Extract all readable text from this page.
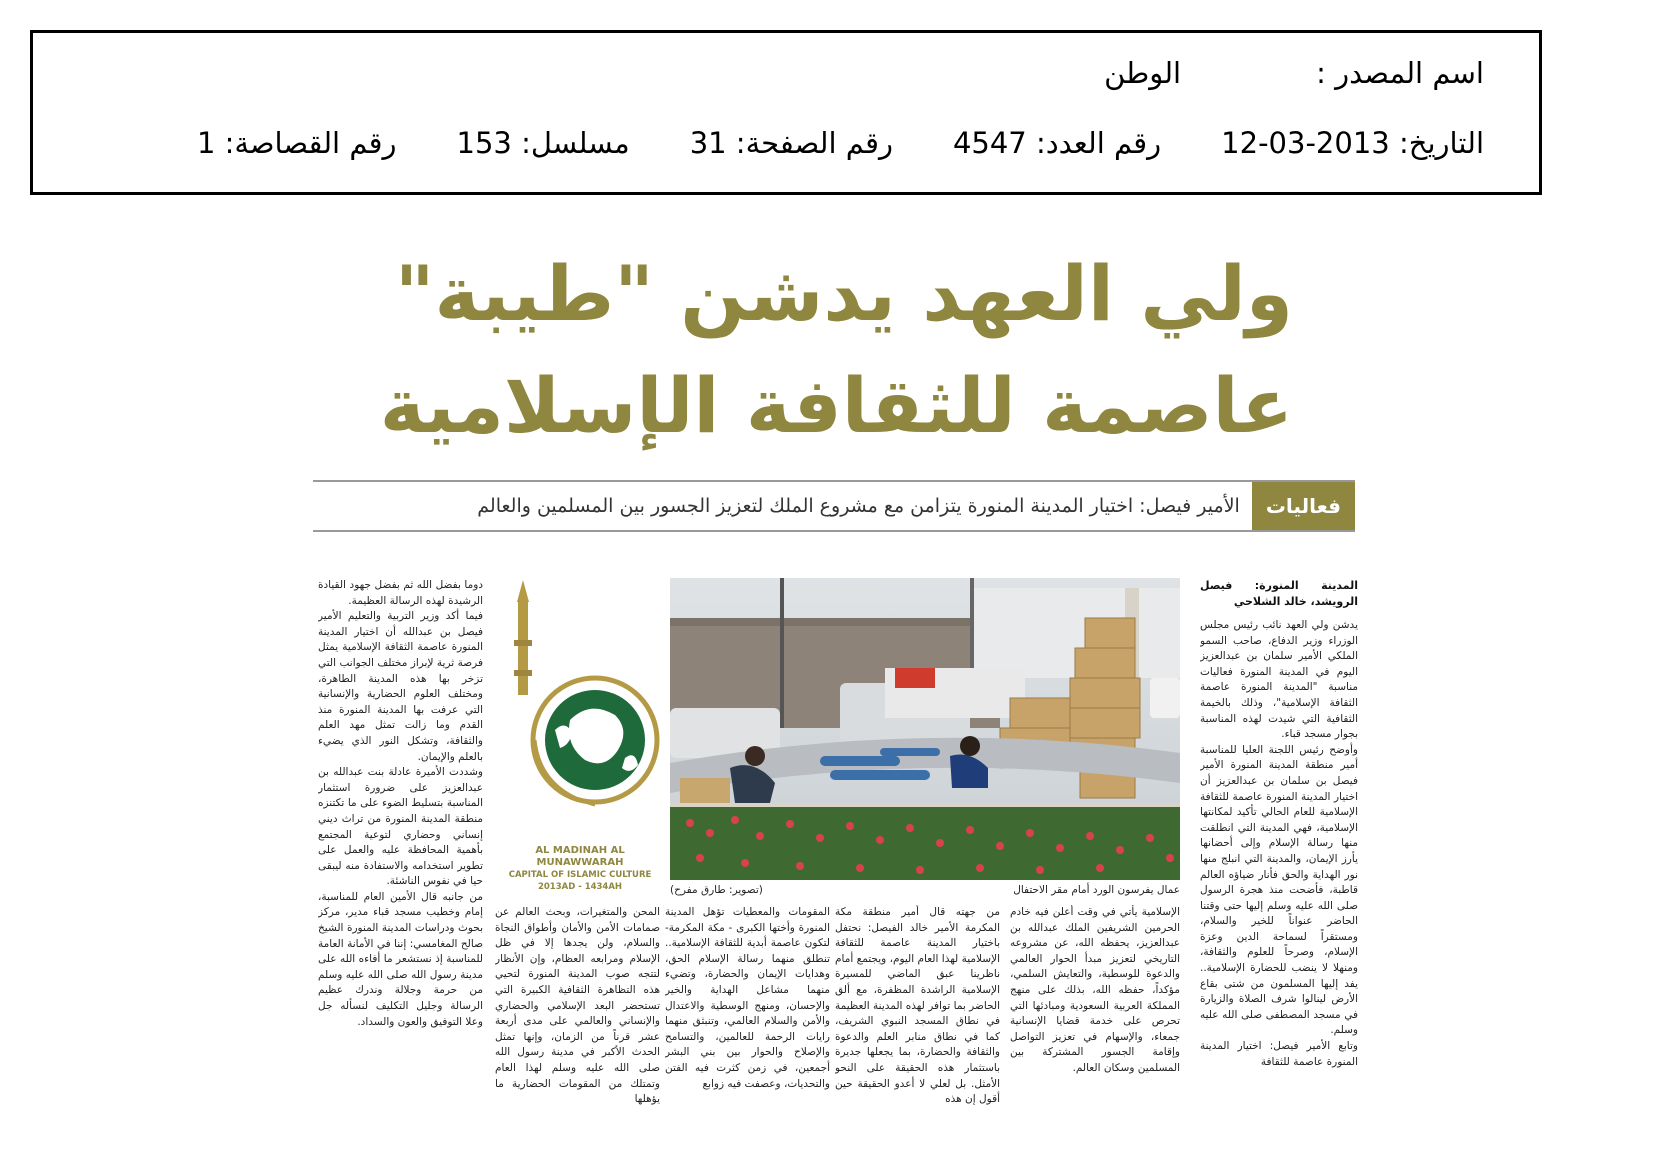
اسم المصدر :
الوطن
التاريخ: 2013-03-12
رقم العدد: 4547
رقم الصفحة: 31
مسلسل: 153
رقم القصاصة: 1
ولي العهد يدشن "طيبة"
عاصمة للثقافة الإسلامية
فعاليات
الأمير فيصل: اختيار المدينة المنورة يتزامن مع مشروع الملك لتعزيز الجسور بين المسلمين والعالم

المدينة المنورة: فيصل الرويشد، خالد الشلاحي

يدشن ولي العهد نائب رئيس مجلس الوزراء وزير الدفاع، صاحب السمو الملكي الأمير سلمان بن عبدالعزيز اليوم في المدينة المنورة فعاليات مناسبة "المدينة المنورة عاصمة الثقافة الإسلامية"، وذلك بالخيمة الثقافية التي شيدت لهذه المناسبة بجوار مسجد قباء.

وأوضح رئيس اللجنة العليا للمناسبة أمير منطقة المدينة المنورة الأمير فيصل بن سلمان بن عبدالعزيز أن اختيار المدينة المنورة عاصمة للثقافة الإسلامية للعام الحالي تأكيد لمكانتها الإسلامية، فهي المدينة التي انطلقت منها رسالة الإسلام وإلى أحضانها يأرز الإيمان، والمدينة التي انبلج منها نور الهداية والحق فأنار ضياؤه العالم قاطبة، فأضحت منذ هجرة الرسول صلى الله عليه وسلم إليها حتى وقتنا الحاضر عنواناً للخير والسلام، ومستقراً لسماحة الدين وعزة الإسلام، وصرحاً للعلوم والثقافة، ومنهلا لا ينضب للحضارة الإسلامية.. يفد إليها المسلمون من شتى بقاع الأرض لينالوا شرف الصلاة والزيارة في مسجد المصطفى صلى الله عليه وسلم.

وتابع الأمير فيصل: اختيار المدينة المنورة عاصمة للثقافة

عمال يفرسون الورد أمام مقر الاحتفال
(تصوير: طارق مفرح)
AL MADINAH AL MUNAWWARAH
CAPITAL OF ISLAMIC CULTURE
2013AD - 1434AH

الإسلامية يأتي في وقت أعلن فيه خادم الحرمين الشريفين الملك عبدالله بن عبدالعزيز، يحفظه الله، عن مشروعه التاريخي لتعزيز مبدأ الحوار العالمي والدعوة للوسطية، والتعايش السلمي، مؤكداً، حفظه الله، بذلك على منهج المملكة العربية السعودية ومبادئها التي تحرص على خدمة قضايا الإنسانية جمعاء، والإسهام في تعزيز التواصل وإقامة الجسور المشتركة بين المسلمين وسكان العالم.

من جهته قال أمير منطقة مكة المكرمة الأمير خالد الفيصل: نحتفل باختيار المدينة عاصمة للثقافة الإسلامية لهذا العام اليوم، ويجتمع أمام ناظرينا عبق الماضي للمسيرة الإسلامية الراشدة المظفرة، مع ألق الحاضر بما توافر لهذه المدينة العظيمة في نطاق المسجد النبوي الشريف، كما في نطاق منابر العلم والدعوة والثقافة والحضارة، بما يجعلها جديرة باستثمار هذه الحقيقة على النحو الأمثل. بل لعلي لا أعدو الحقيقة حين أقول إن هذه

المقومات والمعطيات تؤهل المدينة المنورة وأختها الكبرى - مكة المكرمة- لتكون عاصمة أبدية للثقافة الإسلامية.. تنطلق منهما رسالة الإسلام الحق، وهدايات الإيمان والحضارة، وتضيء منهما مشاعل الهداية والخير والإحسان، ومنهج الوسطية والاعتدال والأمن والسلام العالمي، وتنبثق منهما رايات الرحمة للعالمين، والتسامح والإصلاح والحوار بين بني البشر أجمعين، في زمن كثرت فيه الفتن والتحديات، وعصفت فيه زوابع

المحن والمتغيرات، وبحث العالم عن صمامات الأمن والأمان وأطواق النجاة والسلام، ولن يجدها إلا في ظل الإسلام ومرابعه العظام، وإن الأنظار لتتجه صوب المدينة المنورة لتحيي هذه التظاهرة الثقافية الكبيرة التي تستحضر البعد الإسلامي والحضاري والإنساني والعالمي على مدى أربعة عشر قرناً من الزمان، وإنها تمثل الحدث الأكبر في مدينة رسول الله صلى الله عليه وسلم لهذا العام وتمتلك من المقومات الحضارية ما يؤهلها

دوما بفضل الله ثم بفضل جهود القيادة الرشيدة لهذه الرسالة العظيمة.

فيما أكد وزير التربية والتعليم الأمير فيصل بن عبدالله أن اختيار المدينة المنورة عاصمة الثقافة الإسلامية يمثل فرصة ثرية لإبراز مختلف الجوانب التي تزخر بها هذه المدينة الطاهرة، ومختلف العلوم الحضارية والإنسانية التي عرفت بها المدينة المنورة منذ القدم وما زالت تمثل مهد العلم والثقافة، وتشكل النور الذي يضيء بالعلم والإيمان.

وشددت الأميرة عادلة بنت عبدالله بن عبدالعزيز على ضرورة استثمار المناسبة بتسليط الضوء على ما تكتنزه منطقة المدينة المنورة من تراث ديني إنساني وحضاري لتوعية المجتمع بأهمية المحافظة عليه والعمل على تطوير استخدامه والاستفادة منه ليبقى حيا في نفوس الناشئة.

من جانبه قال الأمين العام للمناسبة، إمام وخطيب مسجد قباء مدير، مركز بحوث ودراسات المدينة المنورة الشيخ صالح المغامسي: إننا في الأمانة العامة للمناسبة إذ نستشعر ما أفاءه الله على مدينة رسول الله صلى الله عليه وسلم من حرمة وجلالة وندرك عظيم الرسالة وجليل التكليف لنسأله جل وعلا التوفيق والعون والسداد.
